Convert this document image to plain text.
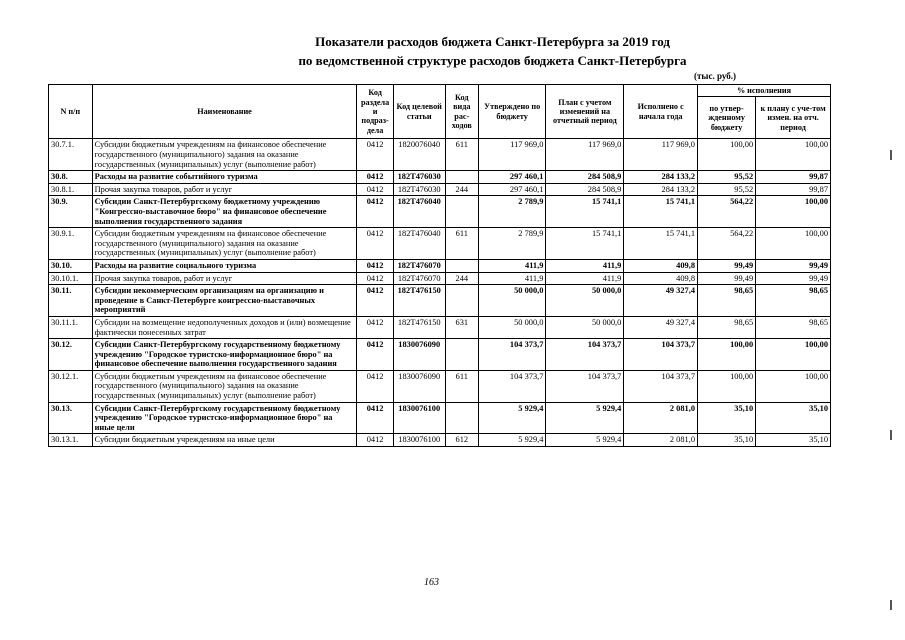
Показатели расходов бюджета Санкт-Петербурга за 2019 год
по ведомственной структуре расходов бюджета Санкт-Петербурга
(тыс. руб.)
N п/п	Наименование	Код раздела и подраз-дела	Код целевой статьи	Код вида рас-ходов	Утверждено по бюджету	План с учетом изменений на отчетный период	Исполнено с начала года	% исполнения	
								по утвер-жденному бюджету	к плану с уче-том измен. на отч. период
30.7.1.	Субсидии бюджетным учреждениям на финансовое обеспечение государственного (муниципального) задания на оказание государственных (муниципальных) услуг (выполнение работ)	0412	1820076040	611	117 969,0	117 969,0	117 969,0	100,00	100,00
30.8.	Расходы на развитие событийного туризма	0412	182Т476030		297 460,1	284 508,9	284 133,2	95,52	99,87
30.8.1.	Прочая закупка товаров, работ и услуг	0412	182Т476030	244	297 460,1	284 508,9	284 133,2	95,52	99,87
30.9.	Субсидии Санкт-Петербургскому бюджетному учреждению "Конгрессно-выставочное бюро" на финансовое обеспечение выполнения государственного задания	0412	182Т476040		2 789,9	15 741,1	15 741,1	564,22	100,00
30.9.1.	Субсидии бюджетным учреждениям на финансовое обеспечение государственного (муниципального) задания на оказание государственных (муниципальных) услуг (выполнение работ)	0412	182Т476040	611	2 789,9	15 741,1	15 741,1	564,22	100,00
30.10.	Расходы на развитие социального туризма	0412	182Т476070		411,9	411,9	409,8	99,49	99,49
30.10.1.	Прочая закупка товаров, работ и услуг	0412	182Т476070	244	411,9	411,9	409,8	99,49	99,49
30.11.	Субсидии некоммерческим организациям на организацию и проведение в Санкт-Петербурге конгрессно-выставочных мероприятий	0412	182Т476150		50 000,0	50 000,0	49 327,4	98,65	98,65
30.11.1.	Субсидии на возмещение недополученных доходов и (или) возмещение фактически понесенных затрат	0412	182Т476150	631	50 000,0	50 000,0	49 327,4	98,65	98,65
30.12.	Субсидии Санкт-Петербургскому государственному бюджетному учреждению "Городское туристско-информационное бюро" на финансовое обеспечение выполнения государственного задания	0412	1830076090		104 373,7	104 373,7	104 373,7	100,00	100,00
30.12.1.	Субсидии бюджетным учреждениям на финансовое обеспечение государственного (муниципального) задания на оказание государственных (муниципальных) услуг (выполнение работ)	0412	1830076090	611	104 373,7	104 373,7	104 373,7	100,00	100,00
30.13.	Субсидии Санкт-Петербургскому государственному бюджетному учреждению "Городское туристско-информационное бюро" на иные цели	0412	1830076100		5 929,4	5 929,4	2 081,0	35,10	35,10
30.13.1.	Субсидии бюджетным учреждениям на иные цели	0412	1830076100	612	5 929,4	5 929,4	2 081,0	35,10	35,10
163
